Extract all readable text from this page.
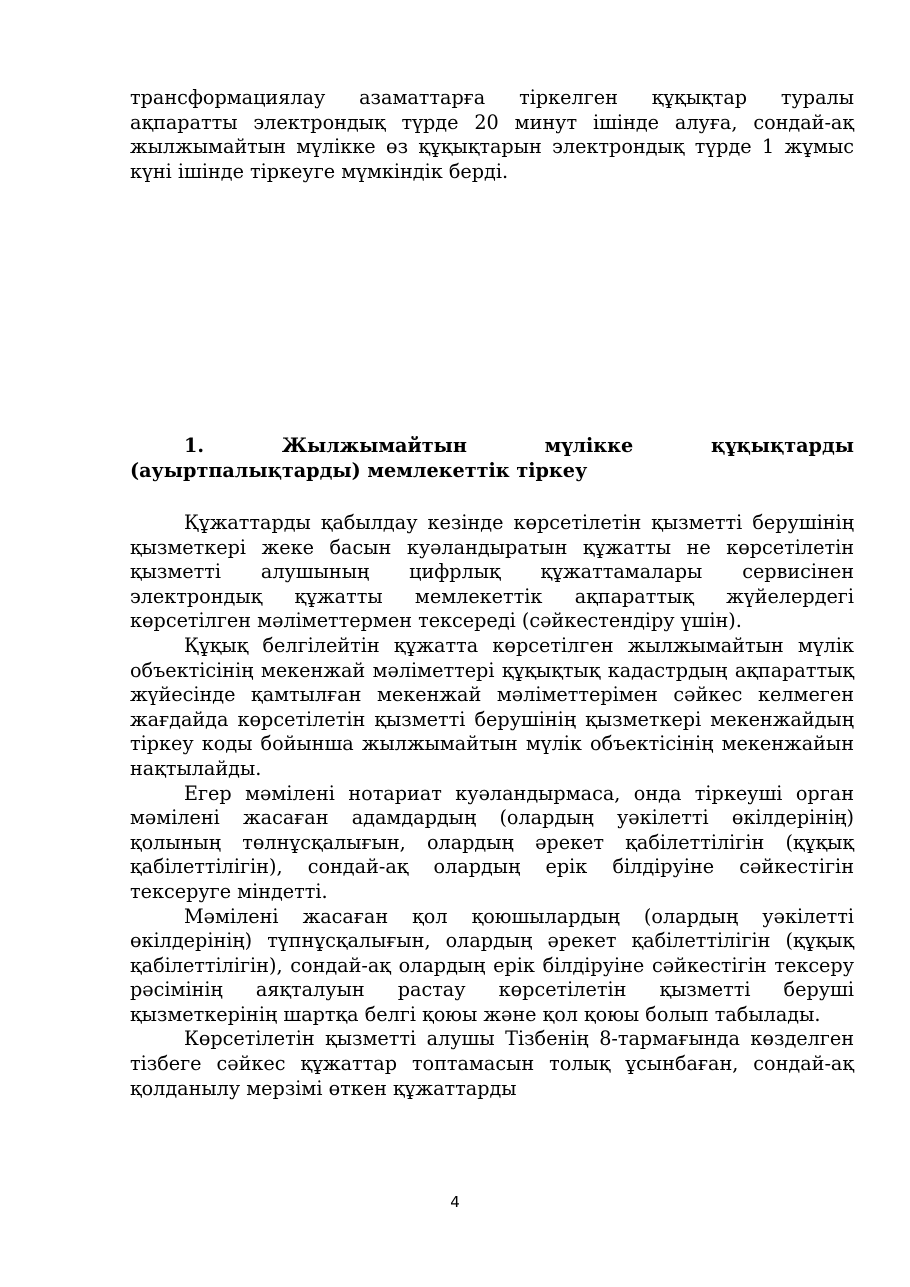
трансформациялау азаматтарға тіркелген құқықтар туралы ақпаратты электрондық түрде 20 минут ішінде алуға, сондай-ақ жылжымайтын мүлікке өз құқықтарын электрондық түрде 1 жұмыс күні ішінде тіркеуге мүмкіндік берді.

1. Жылжымайтын мүлікке құқықтарды (ауыртпалықтарды) мемлекеттік тіркеу

Құжаттарды қабылдау кезінде көрсетілетін қызметті берушінің қызметкері жеке басын куәландыратын құжатты не көрсетілетін қызметті алушының цифрлық құжаттамалары сервисінен электрондық құжатты мемлекеттік ақпараттық жүйелердегі көрсетілген мәліметтермен тексереді (сәйкестендіру үшін).

Құқық белгілейтін құжатта көрсетілген жылжымайтын мүлік объектісінің мекенжай мәліметтері құқықтық кадастрдың ақпараттық жүйесінде қамтылған мекенжай мәліметтерімен сәйкес келмеген жағдайда көрсетілетін қызметті берушінің қызметкері мекенжайдың тіркеу коды бойынша жылжымайтын мүлік объектісінің мекенжайын нақтылайды.

Егер мәмілені нотариат куәландырмаса, онда тіркеуші орган мәмілені жасаған адамдардың (олардың уәкілетті өкілдерінің) қолының төлнұсқалығын, олардың әрекет қабілеттілігін (құқық қабілеттілігін), сондай-ақ олардың ерік білдіруіне сәйкестігін тексеруге міндетті.

Мәмілені жасаған қол қоюшылардың (олардың уәкілетті өкілдерінің) түпнұсқалығын, олардың әрекет қабілеттілігін (құқық қабілеттілігін), сондай-ақ олардың ерік білдіруіне сәйкестігін тексеру рәсімінің аяқталуын растау көрсетілетін қызметті беруші қызметкерінің шартқа белгі қоюы және қол қоюы болып табылады.

Көрсетілетін қызметті алушы Тізбенің 8-тармағында көзделген тізбеге сәйкес құжаттар топтамасын толық ұсынбаған, сондай-ақ қолданылу мерзімі өткен құжаттарды

4
